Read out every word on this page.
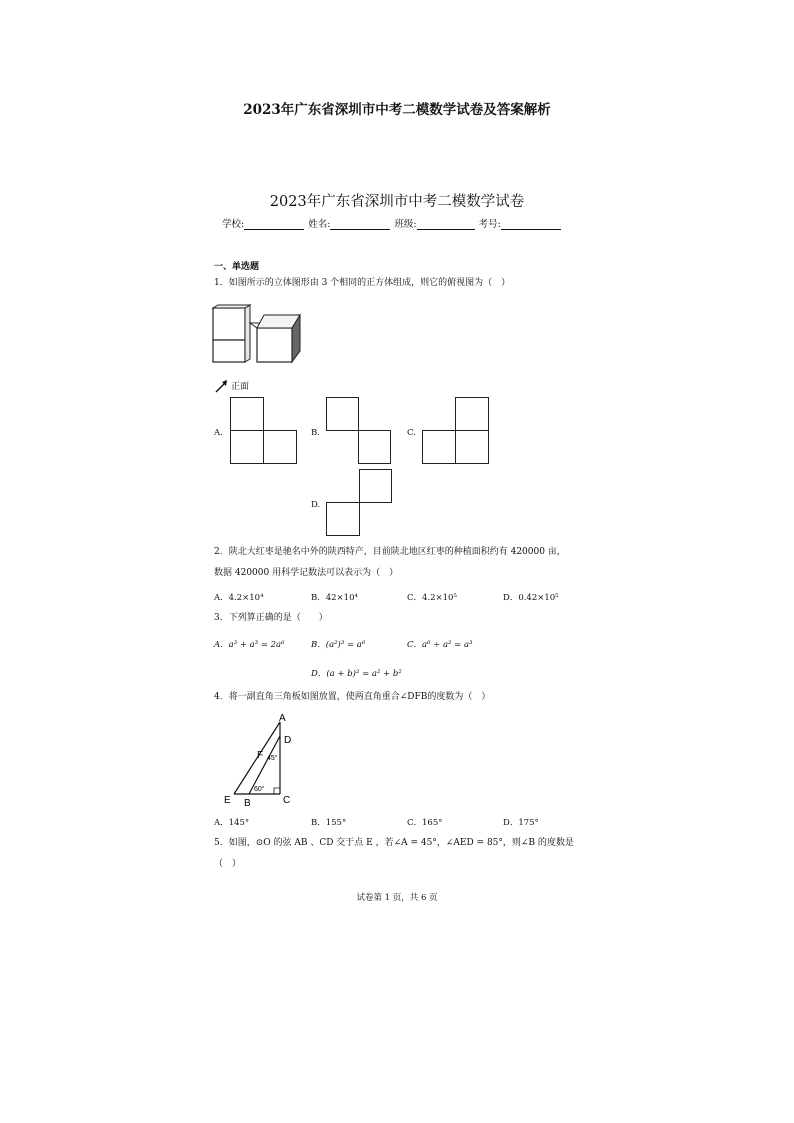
2023年广东省深圳市中考二模数学试卷及答案解析
2023年广东省深圳市中考二模数学试卷
学校:	姓名:	班级:	考号:
一、单选题
1．如图所示的立体图形由 3 个相同的正方体组成，则它的俯视图为（　）
正面
A.	B.	C.
D.
2．陕北大红枣是驰名中外的陕西特产，目前陕北地区红枣的种植面积约有 420000 亩，
数据 420000 用科学记数法可以表示为（　）
A．4.2×10⁴	B．42×10⁴	C．4.2×10⁵	D．0.42×10⁵
3．下列算正确的是（　　）
A．a³ + a³ = 2a⁶	B．(a²)³ = a⁶	C．a⁶ ÷ a² = a³
D．(a + b)² = a² + b²
4．将一副直角三角板如图放置，使两直角重合∠DFB的度数为（　）
A
D
F 45°
60°
E B	C
A．145°	B．155°	C．165°	D．175°
5．如图，⊙O 的弦 AB 、CD 交于点 E ，若∠A = 45°，∠AED = 85°，则∠B 的度数是
（　）
试卷第 1 页，共 6 页
